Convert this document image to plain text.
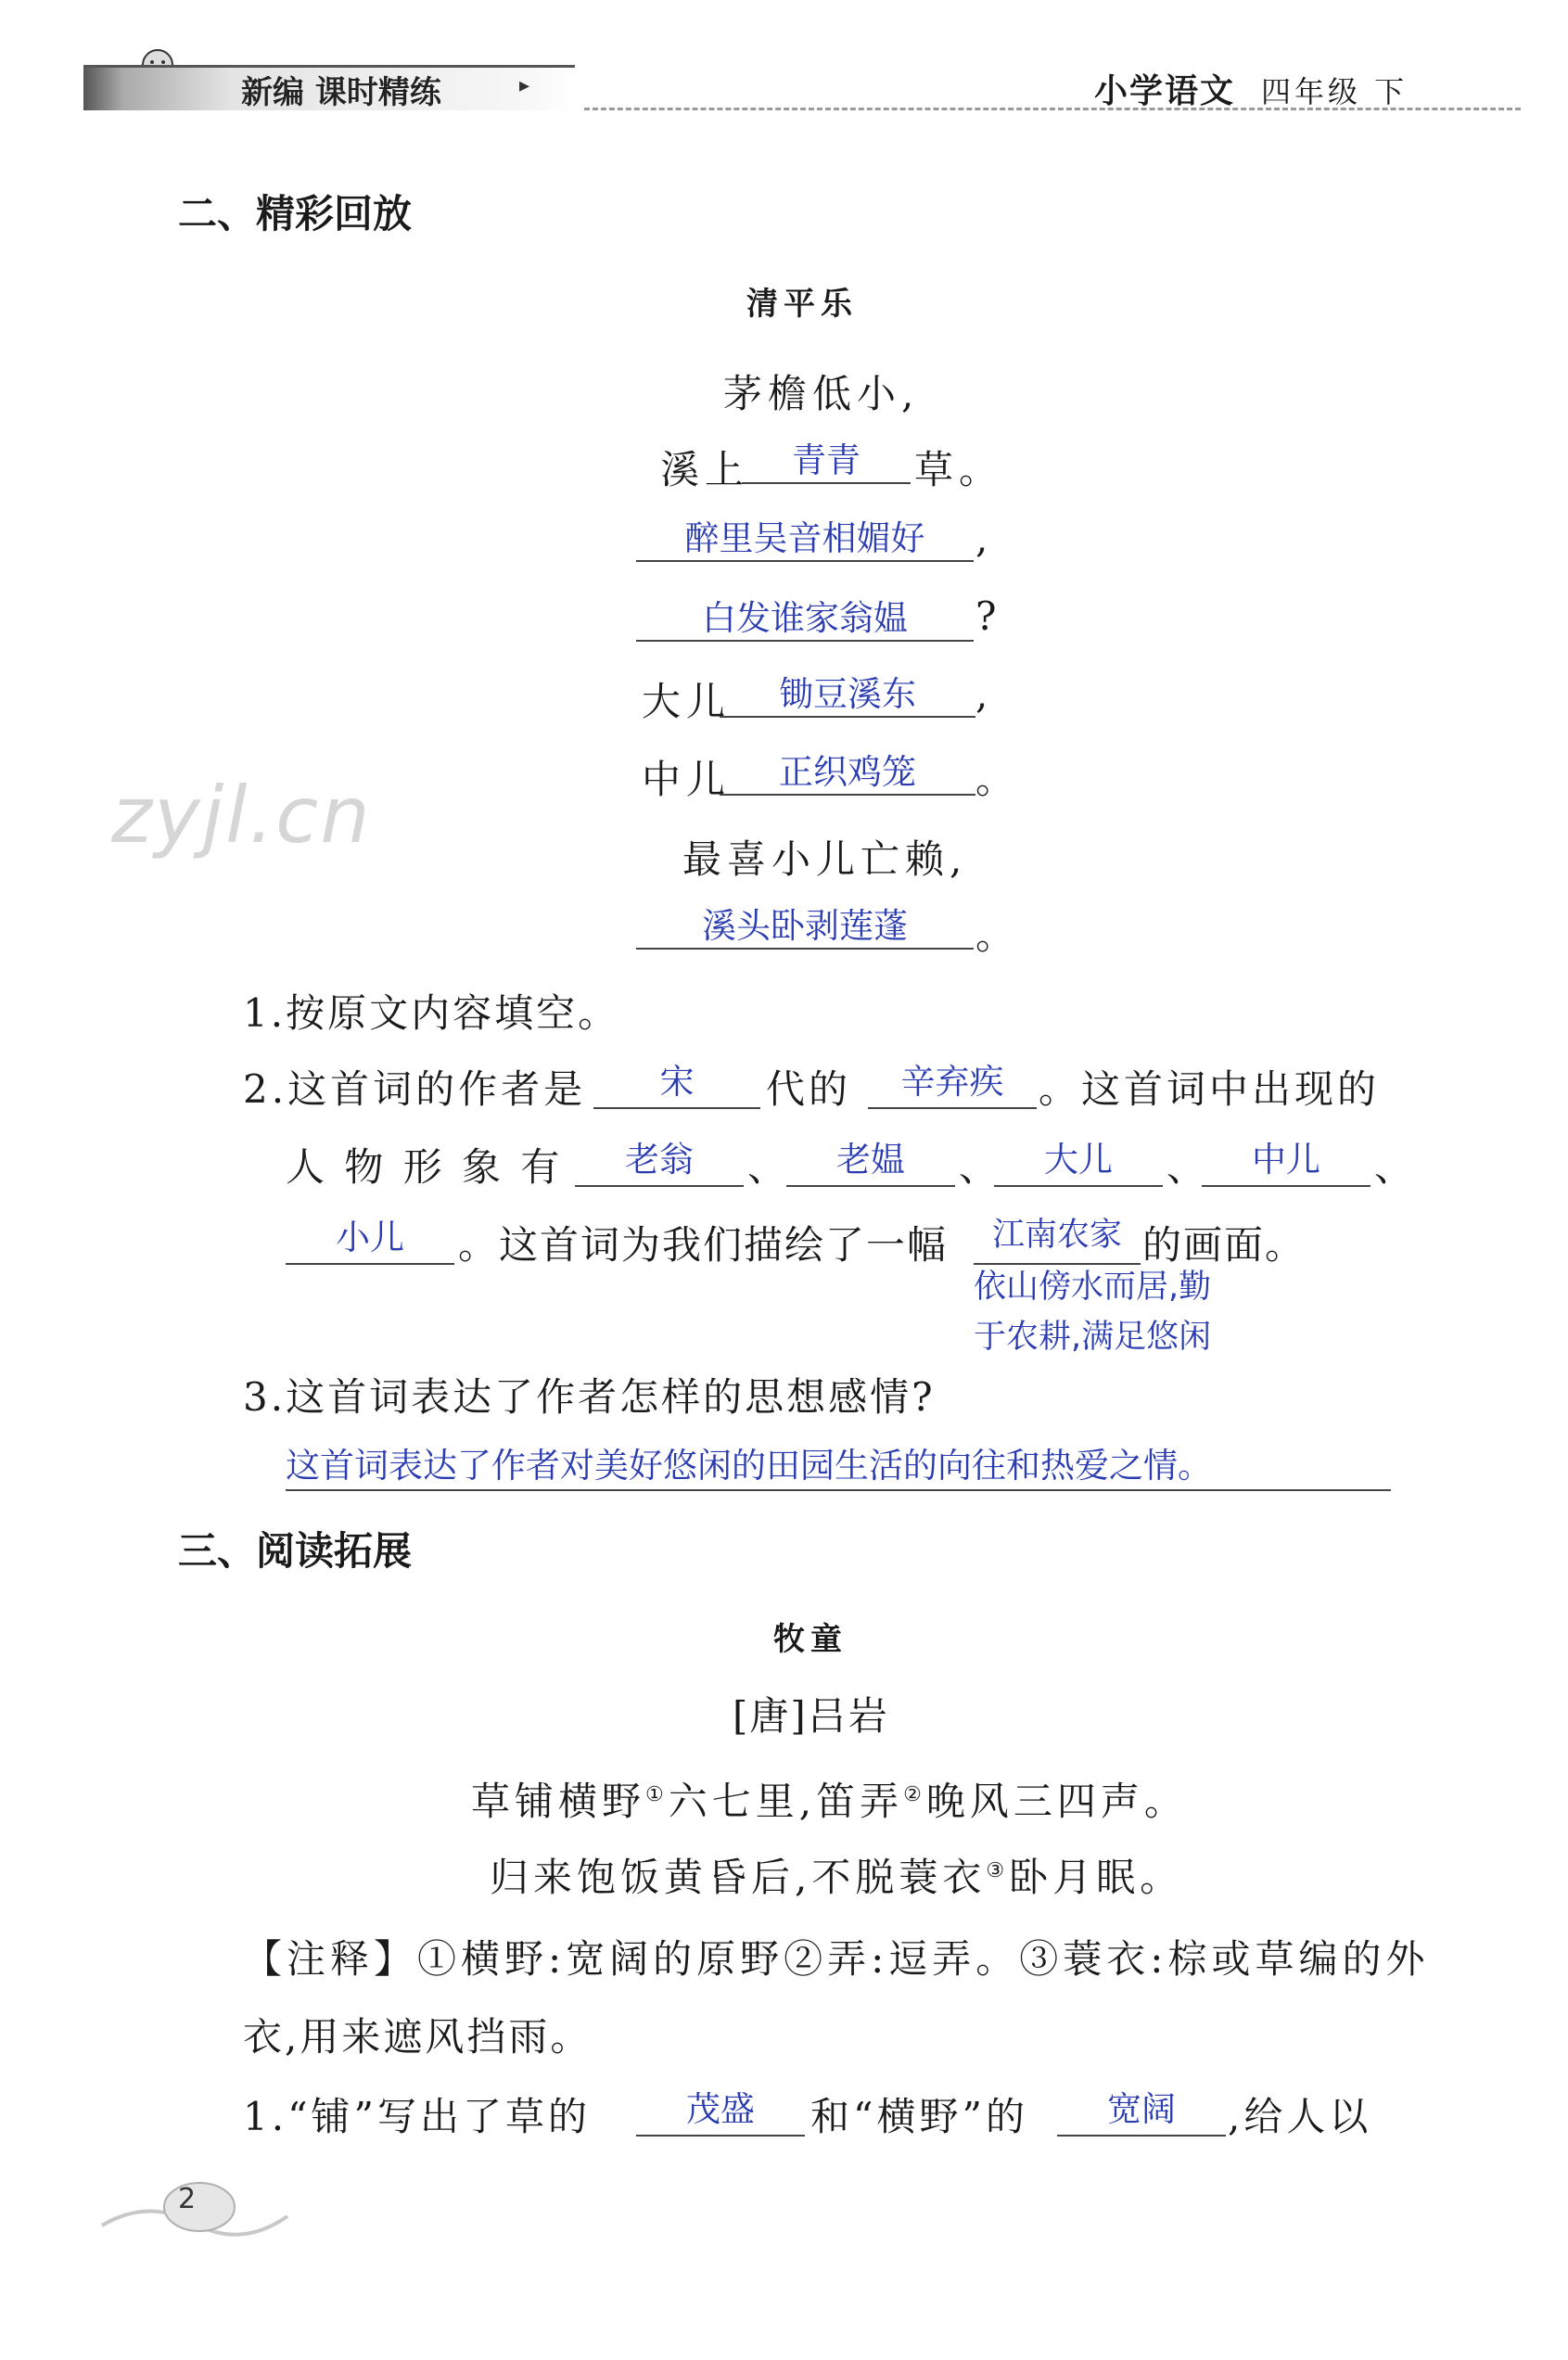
新编 课时精练	▸	小学语文 四年级 下
二、精彩回放
清平乐
茅檐低小,
溪上	青青	草。
醉里吴音相媚好	,
白发谁家翁媪	?
大儿	锄豆溪东	,
中儿	正织鸡笼	。
最喜小儿亡赖,
溪头卧剥莲蓬	。
zyjl.cn
1.按原文内容填空。
2.这首词的作者是	宋	代的	辛弃疾 。这首词中出现的
人 物 形 象 有	老翁	、	老媪	、	大儿	、	中儿	、
小儿	。这首词为我们描绘了一幅	江南农家 的画面。
依山傍水而居,勤
于农耕,满足悠闲
3.这首词表达了作者怎样的思想感情?
这首词表达了作者对美好悠闲的田园生活的向往和热爱之情。
三、阅读拓展
牧童
[唐]吕岩
草铺横野①六七里,笛弄②晚风三四声。
归来饱饭黄昏后,不脱蓑衣③卧月眠。
【注释】①横野:宽阔的原野②弄:逗弄。③蓑衣:棕或草编的外
衣,用来遮风挡雨。
1.“铺”写出了草的	茂盛	和“横野”的	宽阔	,给人以
2
